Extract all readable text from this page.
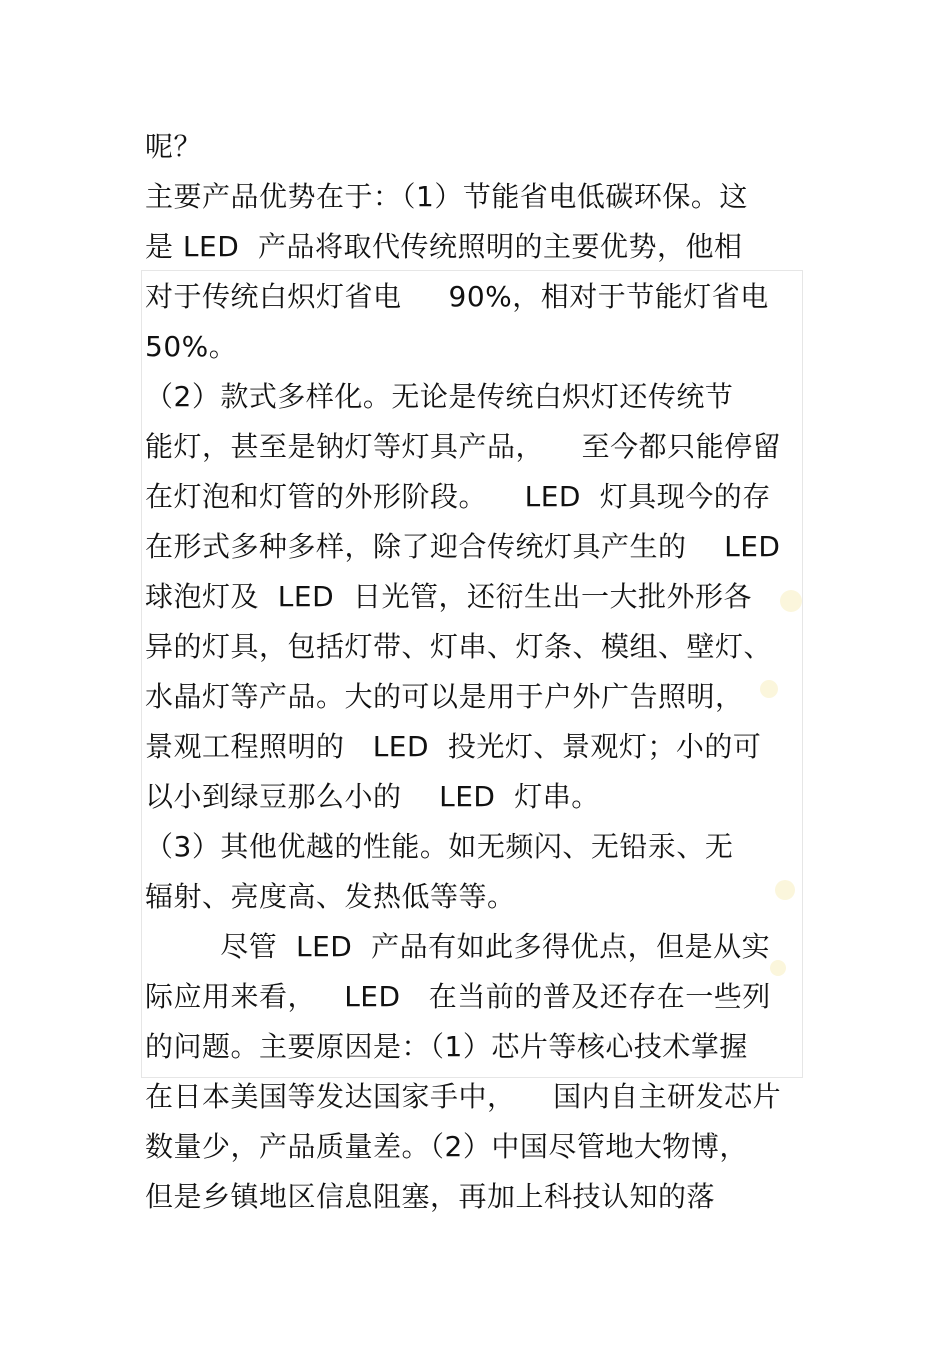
呢？
主要产品优势在于：（1）节能省电低碳环保。这
是 LED  产品将取代传统照明的主要优势，他相
对于传统白炽灯省电     90%，相对于节能灯省电
50%。
（2）款式多样化。无论是传统白炽灯还传统节
能灯，甚至是钠灯等灯具产品，    至今都只能停留
在灯泡和灯管的外形阶段。    LED  灯具现今的存
在形式多种多样，除了迎合传统灯具产生的    LED
球泡灯及  LED  日光管，还衍生出一大批外形各
异的灯具，包括灯带、灯串、灯条、模组、壁灯、
水晶灯等产品。大的可以是用于户外广告照明，
景观工程照明的   LED  投光灯、景观灯；小的可
以小到绿豆那么小的    LED  灯串。
（3）其他优越的性能。如无频闪、无铅汞、无
辐射、亮度高、发热低等等。
尽管  LED  产品有如此多得优点，但是从实
际应用来看，   LED   在当前的普及还存在一些列
的问题。主要原因是：（1）芯片等核心技术掌握
在日本美国等发达国家手中，    国内自主研发芯片
数量少，产品质量差。（2）中国尽管地大物博，
但是乡镇地区信息阻塞，再加上科技认知的落
